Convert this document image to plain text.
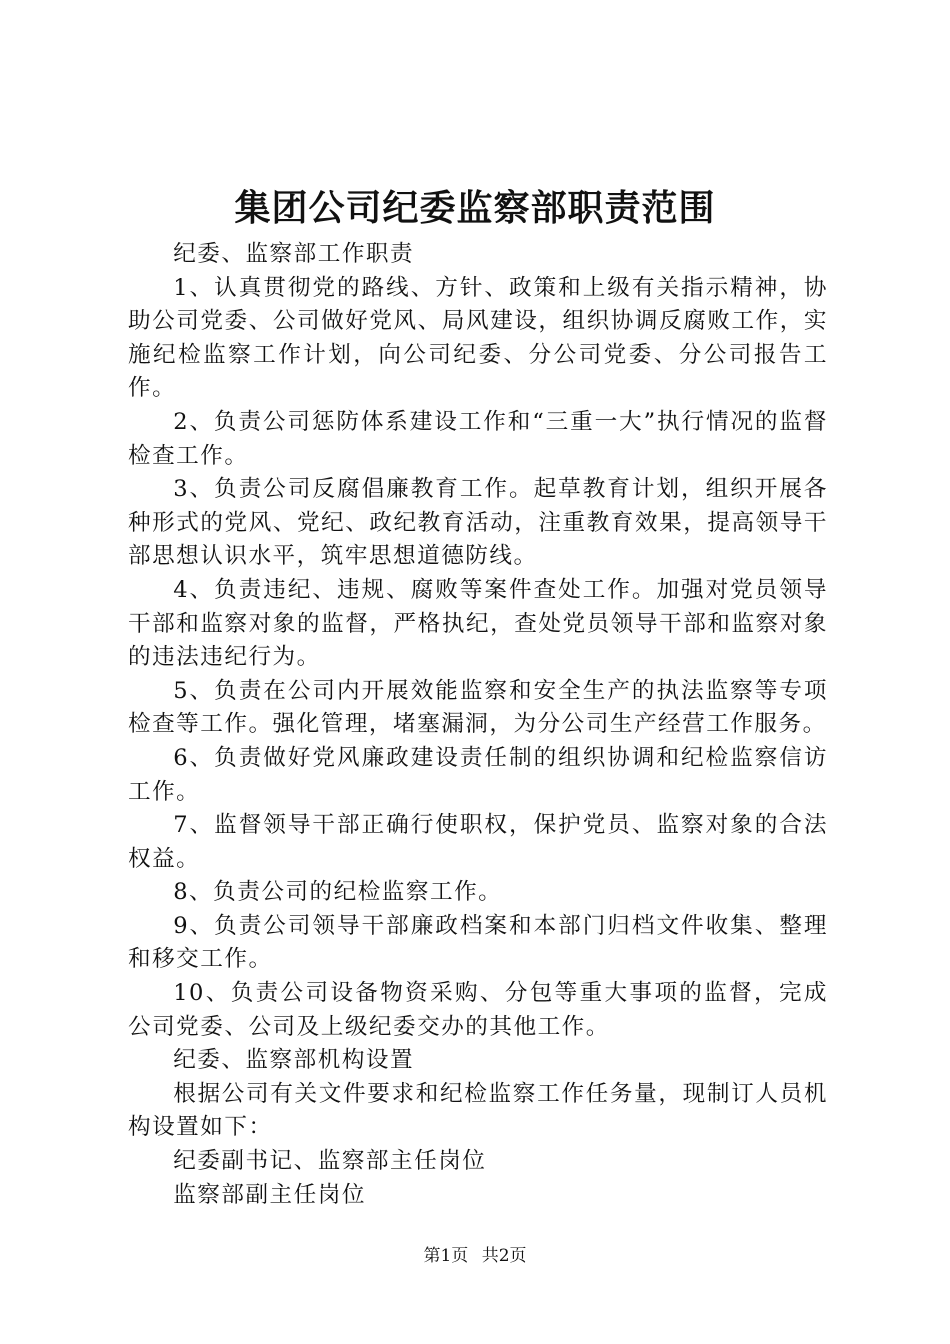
集团公司纪委监察部职责范围

纪委、监察部工作职责

1、认真贯彻党的路线、方针、政策和上级有关指示精神，协助公司党委、公司做好党风、局风建设，组织协调反腐败工作，实施纪检监察工作计划，向公司纪委、分公司党委、分公司报告工作。

2、负责公司惩防体系建设工作和“三重一大”执行情况的监督检查工作。

3、负责公司反腐倡廉教育工作。起草教育计划，组织开展各种形式的党风、党纪、政纪教育活动，注重教育效果，提高领导干部思想认识水平，筑牢思想道德防线。

4、负责违纪、违规、腐败等案件查处工作。加强对党员领导干部和监察对象的监督，严格执纪，查处党员领导干部和监察对象的违法违纪行为。

5、负责在公司内开展效能监察和安全生产的执法监察等专项检查等工作。强化管理，堵塞漏洞，为分公司生产经营工作服务。

6、负责做好党风廉政建设责任制的组织协调和纪检监察信访工作。

7、监督领导干部正确行使职权，保护党员、监察对象的合法权益。

8、负责公司的纪检监察工作。

9、负责公司领导干部廉政档案和本部门归档文件收集、整理和移交工作。

10、负责公司设备物资采购、分包等重大事项的监督，完成公司党委、公司及上级纪委交办的其他工作。

纪委、监察部机构设置

根据公司有关文件要求和纪检监察工作任务量，现制订人员机构设置如下：

纪委副书记、监察部主任岗位

监察部副主任岗位

第1页 共2页
